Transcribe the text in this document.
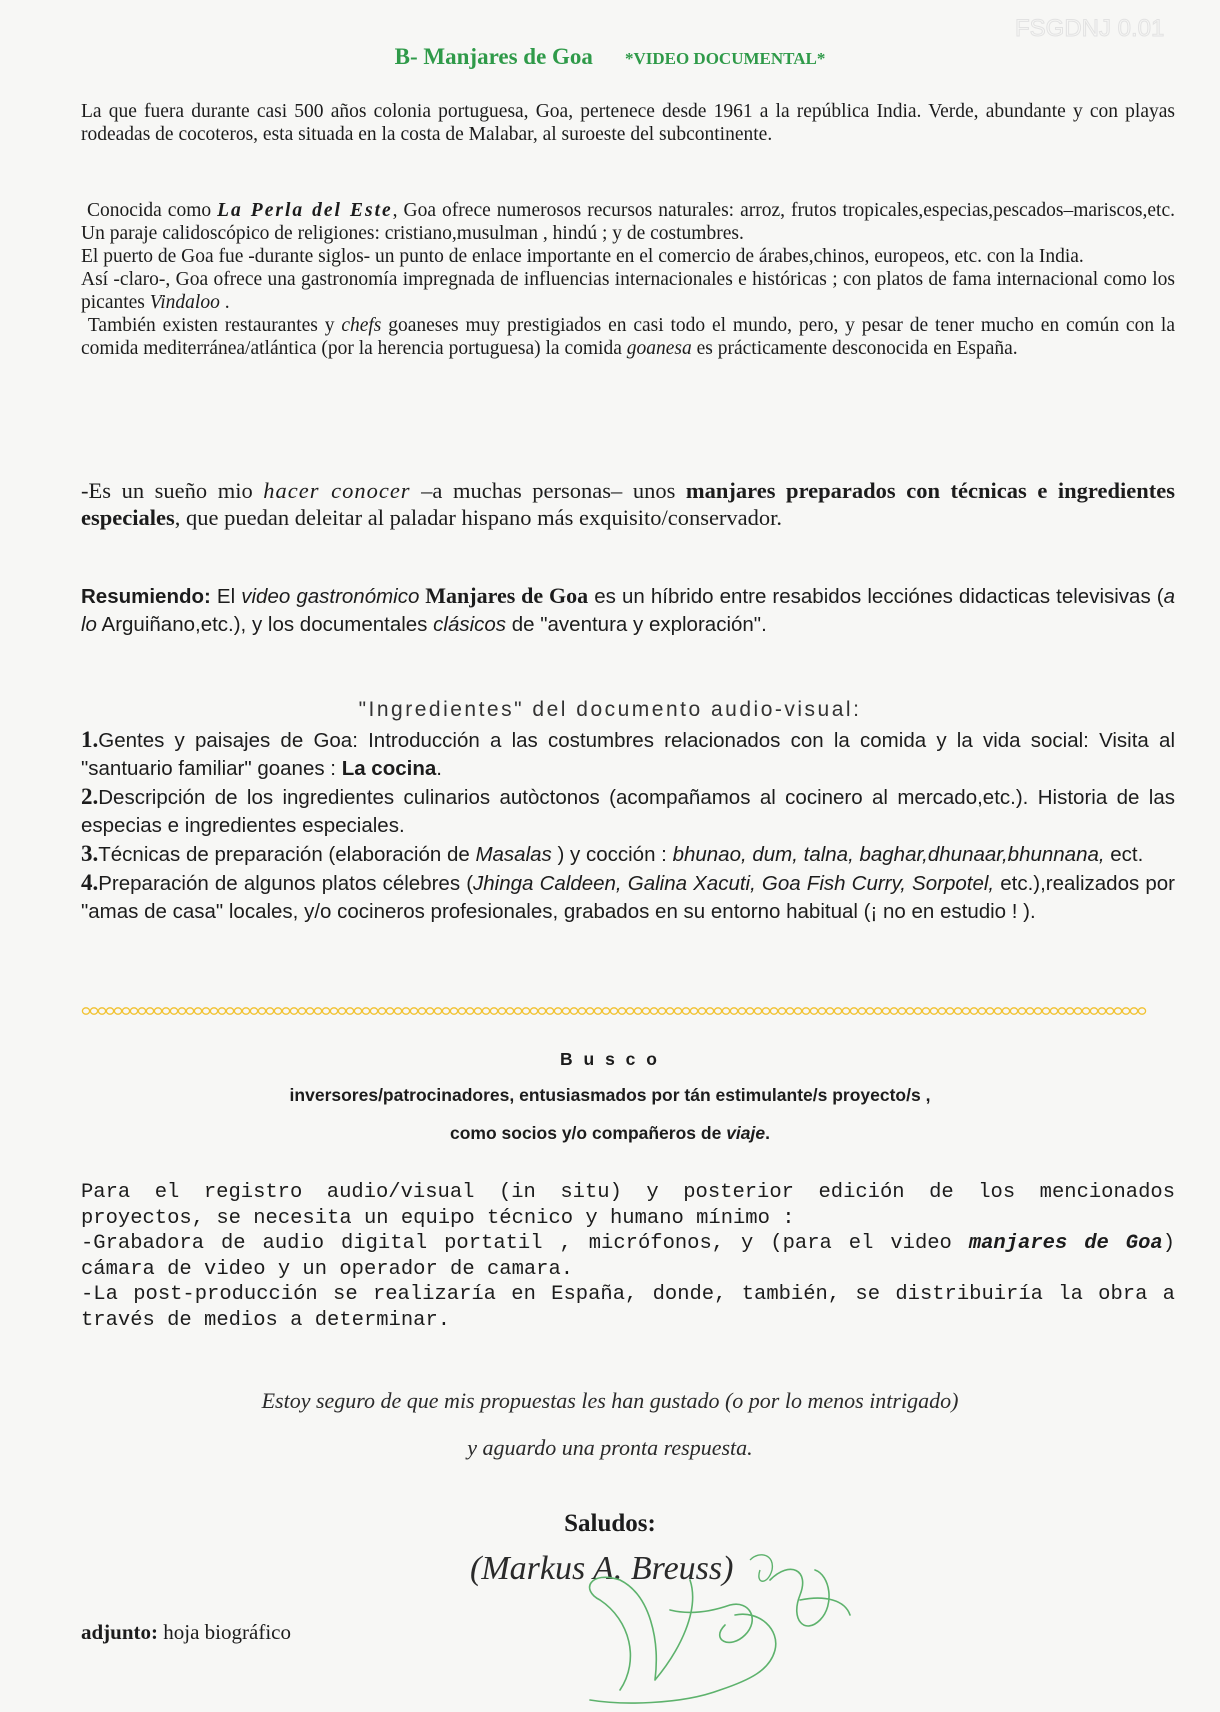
FSGDNJ 0.01
B- Manjares de Goa *VIDEO DOCUMENTAL*

La que fuera durante casi 500 años colonia portuguesa, Goa, pertenece desde 1961 a la república India. Verde, abundante y con playas rodeadas de cocoteros, esta situada en la costa de Malabar, al suroeste del subcontinente.

Conocida como La Perla del Este, Goa ofrece numerosos recursos naturales: arroz, frutos tropicales,especias,pescados–mariscos,etc. Un paraje calidoscópico de religiones: cristiano,musulman , hindú ; y de costumbres.

El puerto de Goa fue -durante siglos- un punto de enlace importante en el comercio de árabes,chinos, europeos, etc. con la India.

Así -claro-, Goa ofrece una gastronomía impregnada de influencias internacionales e históricas ; con platos de fama internacional como los picantes Vindaloo .

También existen restaurantes y chefs goaneses muy prestigiados en casi todo el mundo, pero, y pesar de tener mucho en común con la comida mediterránea/atlántica (por la herencia portuguesa) la comida goanesa es prácticamente desconocida en España.

-Es un sueño mio hacer conocer –a muchas personas– unos manjares preparados con técnicas e ingredientes especiales, que puedan deleitar al paladar hispano más exquisito/conservador.
Resumiendo: El video gastronómico Manjares de Goa es un híbrido entre resabidos lecciónes didacticas televisivas (a lo Arguiñano,etc.), y los documentales clásicos de "aventura y exploración".
"Ingredientes" del documento audio-visual:

1.Gentes y paisajes de Goa: Introducción a las costumbres relacionados con la comida y la vida social: Visita al "santuario familiar" goanes : La cocina.

2.Descripción de los ingredientes culinarios autòctonos (acompañamos al cocinero al mercado,etc.). Historia de las especias e ingredientes especiales.

3.Técnicas de preparación (elaboración de Masalas ) y cocción : bhunao, dum, talna, baghar,dhunaar,bhunnana, ect.

4.Preparación de algunos platos célebres (Jhinga Caldeen, Galina Xacuti, Goa Fish Curry, Sorpotel, etc.),realizados por "amas de casa" locales, y/o cocineros profesionales, grabados en su entorno habitual (¡ no en estudio ! ).

B u s c o
inversores/patrocinadores, entusiasmados por tán estimulante/s proyecto/s ,
como socios y/o compañeros de viaje.

Para el registro audio/visual (in situ) y posterior edición de los mencionados proyectos, se necesita un equipo técnico y humano mínimo :

-Grabadora de audio digital portatil , micrófonos, y (para el video manjares de Goa) cámara de video y un operador de camara.

-La post-producción se realizaría en España, donde, también, se distribuiría la obra a través de medios a determinar.

Estoy seguro de que mis propuestas les han gustado (o por lo menos intrigado)
y aguardo una pronta respuesta.
Saludos:
(Markus A. Breuss)
adjunto: hoja biográfico
